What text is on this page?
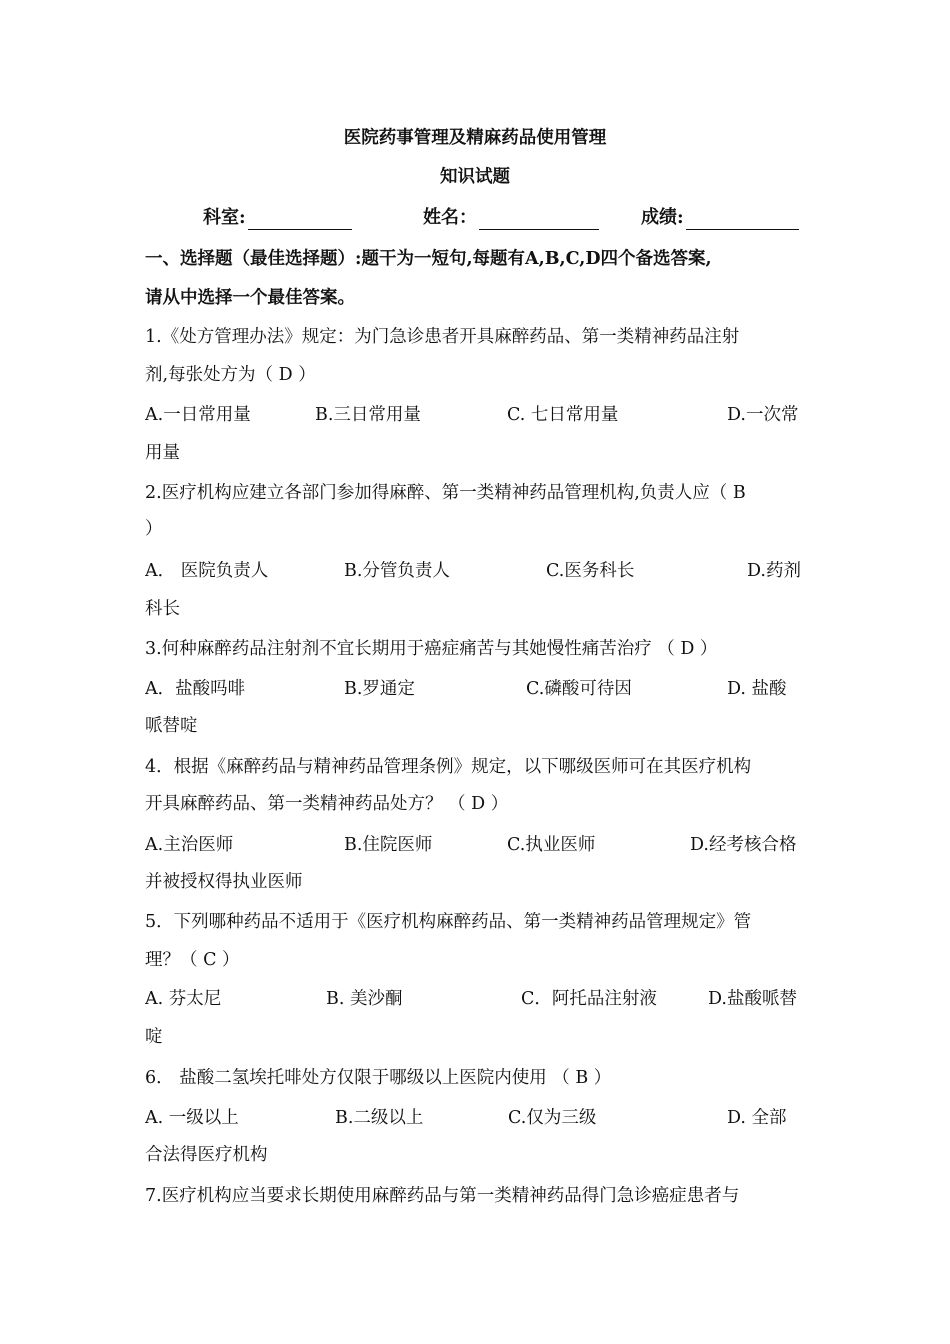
医院药事管理及精麻药品使用管理
知识试题
科室:	姓名：	成绩:
一、选择题（最佳选择题）:题干为一短句,每题有A,B,C,D四个备选答案,
请从中选择一个最佳答案。
1.《处方管理办法》规定：为门急诊患者开具麻醉药品、第一类精神药品注射
剂,每张处方为（ D ）
A.一日常用量	B.三日常用量	C. 七日常用量	D.一次常
用量
2.医疗机构应建立各部门参加得麻醉、第一类精神药品管理机构,负责人应（ B
）
A． 医院负责人	B.分管负责人	C.医务科长	D.药剂
科长
3.何种麻醉药品注射剂不宜长期用于癌症痛苦与其她慢性痛苦治疗 （ D ）
A．盐酸吗啡	B.罗通定	C.磷酸可待因	D. 盐酸
哌替啶
4．根据《麻醉药品与精神药品管理条例》规定，以下哪级医师可在其医疗机构
开具麻醉药品、第一类精神药品处方？ （ D ）
A.主治医师	B.住院医师	C.执业医师	D.经考核合格
并被授权得执业医师
5．下列哪种药品不适用于《医疗机构麻醉药品、第一类精神药品管理规定》管
理？（ C ）
A. 芬太尼	B. 美沙酮	C．阿托品注射液	D.盐酸哌替
啶
6． 盐酸二氢埃托啡处方仅限于哪级以上医院内使用 （ B ）
A. 一级以上	B.二级以上	C.仅为三级	D. 全部
合法得医疗机构
7.医疗机构应当要求长期使用麻醉药品与第一类精神药品得门急诊癌症患者与
